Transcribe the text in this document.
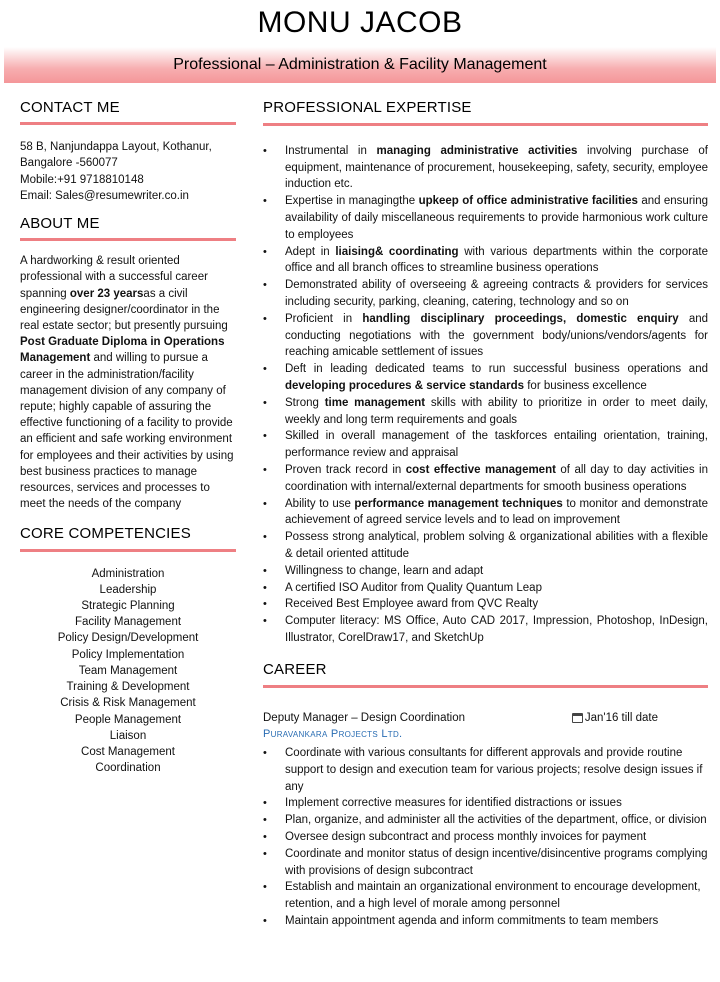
MONU JACOB
Professional – Administration & Facility Management
CONTACT ME
58 B, Nanjundappa Layout, Kothanur,
Bangalore -560077
Mobile:+91 9718810148
Email: Sales@resumewriter.co.in
ABOUT ME
A hardworking & result oriented professional with a successful career spanning over 23 yearsas a civil engineering designer/coordinator in the real estate sector; but presently pursuing Post Graduate Diploma in Operations Management and willing to pursue a career in the administration/facility management division of any company of repute; highly capable of assuring the effective functioning of a facility to provide an efficient and safe working environment for employees and their activities by using best business practices to manage resources, services and processes to meet the needs of the company
CORE COMPETENCIES
Administration
Leadership
Strategic Planning
Facility Management
Policy Design/Development
Policy Implementation
Team Management
Training & Development
Crisis & Risk Management
People Management
Liaison
Cost Management
Coordination
PROFESSIONAL EXPERTISE
• Instrumental in managing administrative activities involving purchase of equipment, maintenance of procurement, housekeeping, safety, security, employee induction etc.
• Expertise in managingthe upkeep of office administrative facilities and ensuring availability of daily miscellaneous requirements to provide harmonious work culture to employees
• Adept in liaising& coordinating with various departments within the corporate office and all branch offices to streamline business operations
• Demonstrated ability of overseeing & agreeing contracts & providers for services including security, parking, cleaning, catering, technology and so on
• Proficient in handling disciplinary proceedings, domestic enquiry and conducting negotiations with the government body/unions/vendors/agents for reaching amicable settlement of issues
• Deft in leading dedicated teams to run successful business operations and developing procedures & service standards for business excellence
• Strong time management skills with ability to prioritize in order to meet daily, weekly and long term requirements and goals
• Skilled in overall management of the taskforces entailing orientation, training, performance review and appraisal
• Proven track record in cost effective management of all day to day activities in coordination with internal/external departments for smooth business operations
• Ability to use performance management techniques to monitor and demonstrate achievement of agreed service levels and to lead on improvement
• Possess strong analytical, problem solving & organizational abilities with a flexible & detail oriented attitude
• Willingness to change, learn and adapt
• A certified ISO Auditor from Quality Quantum Leap
• Received Best Employee award from QVC Realty
• Computer literacy: MS Office, Auto CAD 2017, Impression, Photoshop, InDesign, Illustrator, CorelDraw17, and SketchUp
CAREER
Deputy Manager – Design Coordination	Jan'16 till date
Puravankara Projects Ltd.
• Coordinate with various consultants for different approvals and provide routine support to design and execution team for various projects; resolve design issues if any
• Implement corrective measures for identified distractions or issues
• Plan, organize, and administer all the activities of the department, office, or division
• Oversee design subcontract and process monthly invoices for payment
• Coordinate and monitor status of design incentive/disincentive programs complying with provisions of design subcontract
• Establish and maintain an organizational environment to encourage development, retention, and a high level of morale among personnel
• Maintain appointment agenda and inform commitments to team members
